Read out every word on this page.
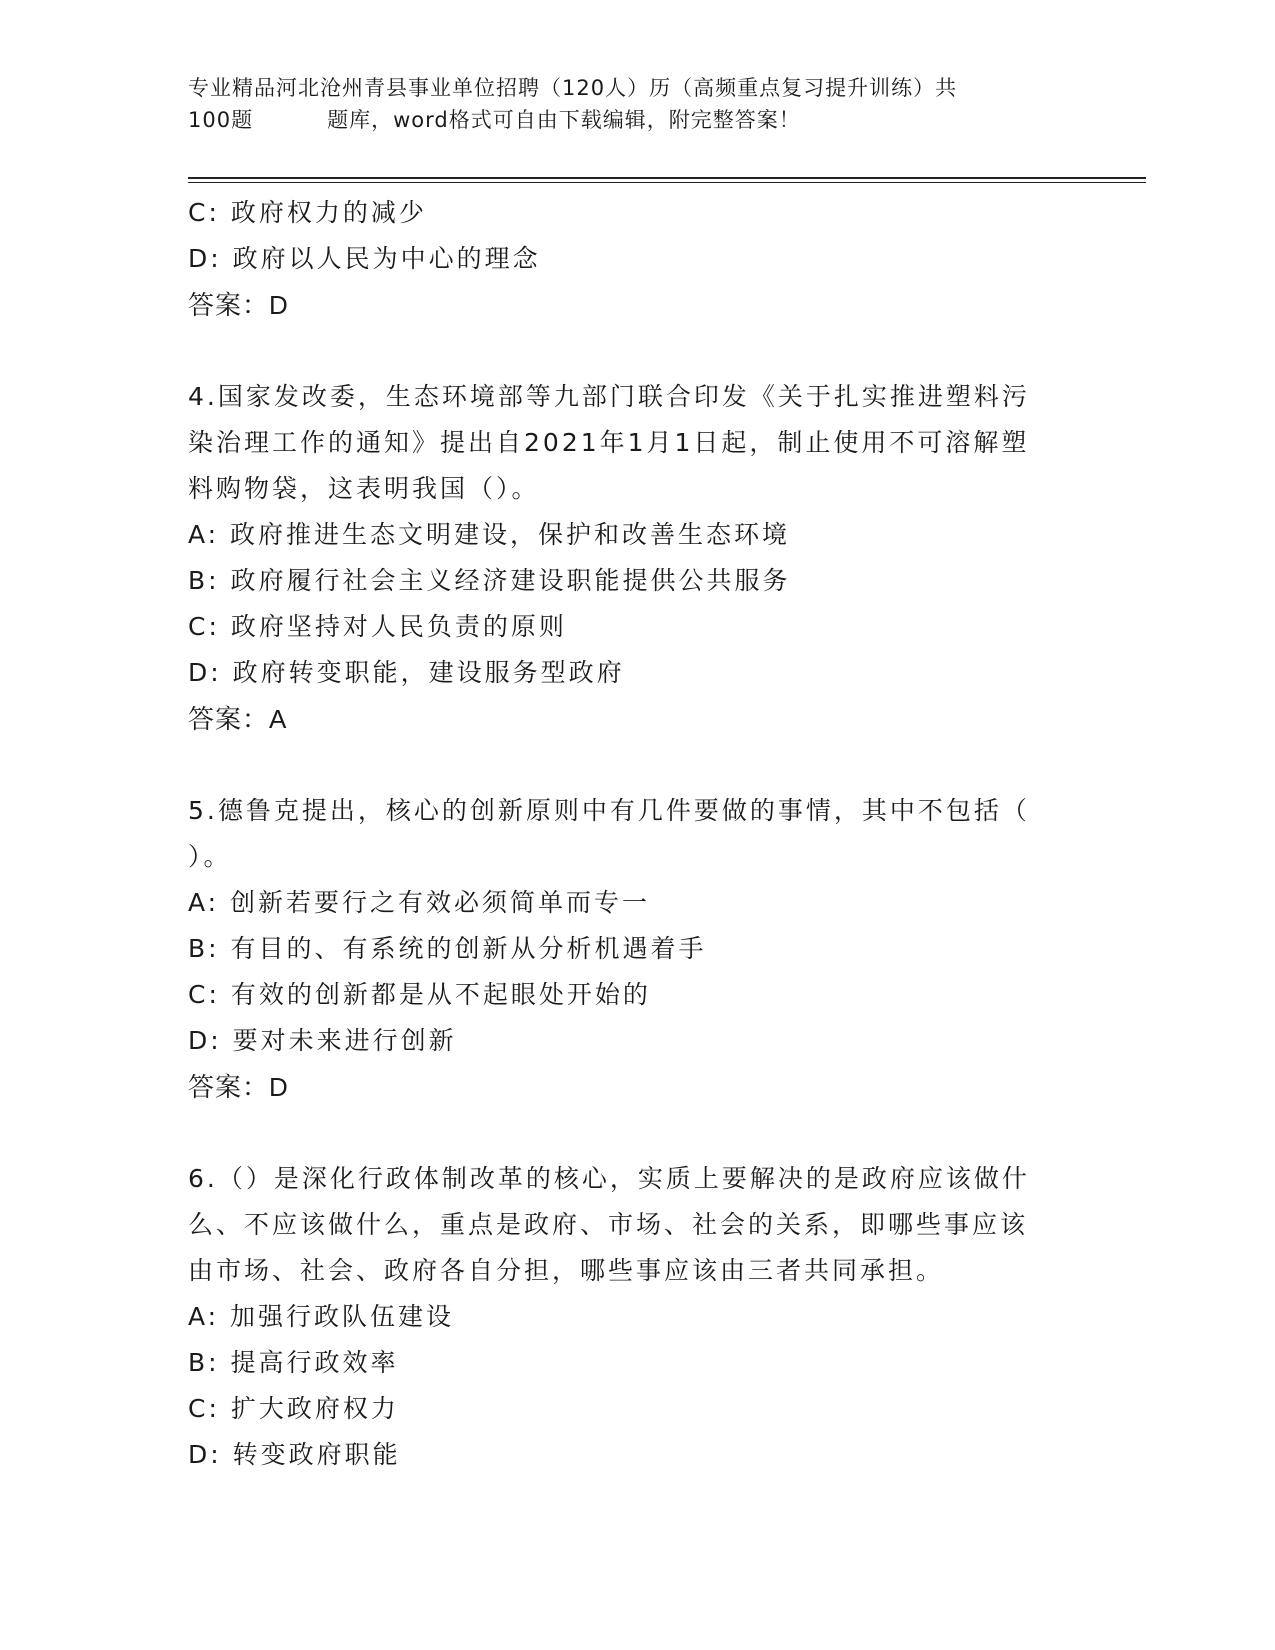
专业精品河北沧州青县事业单位招聘（120人）历（高频重点复习提升训练）共
100题	题库，word格式可自由下载编辑，附完整答案！
C: 政府权力的减少
D: 政府以人民为中心的理念
答案：D
4.国家发改委，生态环境部等九部门联合印发《关于扎实推进塑料污
染治理工作的通知》提出自2021年1月1日起，制止使用不可溶解塑
料购物袋，这表明我国（）。
A: 政府推进生态文明建设，保护和改善生态环境
B: 政府履行社会主义经济建设职能提供公共服务
C: 政府坚持对人民负责的原则
D: 政府转变职能，建设服务型政府
答案：A
5.德鲁克提出，核心的创新原则中有几件要做的事情，其中不包括（
）。
A: 创新若要行之有效必须简单而专一
B: 有目的、有系统的创新从分析机遇着手
C: 有效的创新都是从不起眼处开始的
D: 要对未来进行创新
答案：D
6.（）是深化行政体制改革的核心，实质上要解决的是政府应该做什
么、不应该做什么，重点是政府、市场、社会的关系，即哪些事应该
由市场、社会、政府各自分担，哪些事应该由三者共同承担。
A: 加强行政队伍建设
B: 提高行政效率
C: 扩大政府权力
D: 转变政府职能
